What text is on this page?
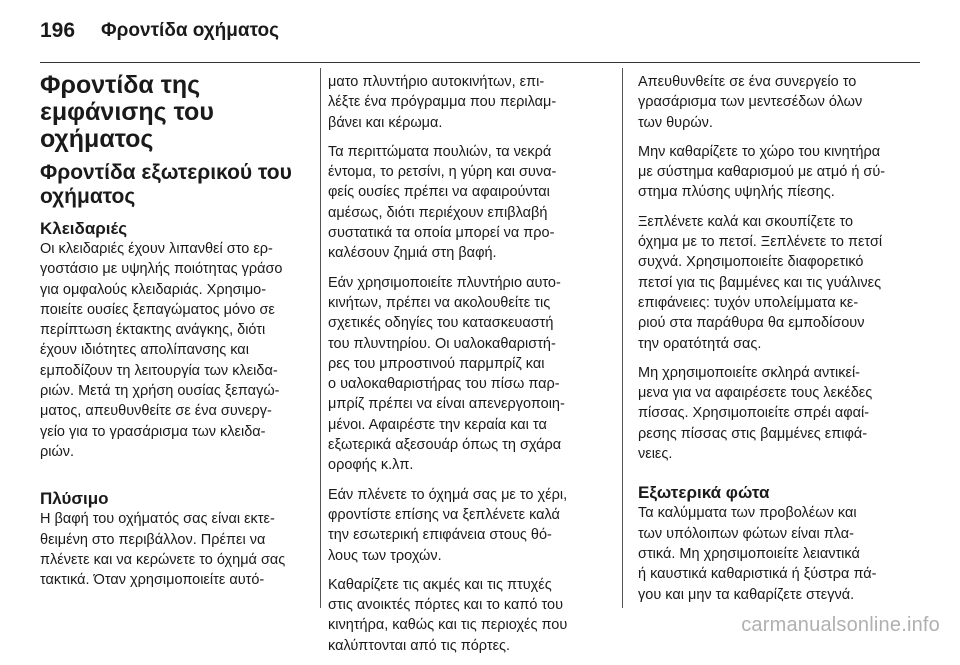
196 Φροντίδα οχήματος
Φροντίδα της
εμφάνισης του
οχήματος
Φροντίδα εξωτερικού του
οχήματος
Κλειδαριές
Οι κλειδαριές έχουν λιπανθεί στο ερ-
γοστάσιο με υψηλής ποιότητας γράσο
για ομφαλούς κλειδαριάς. Χρησιμο-
ποιείτε ουσίες ξεπαγώματος μόνο σε
περίπτωση έκτακτης ανάγκης, διότι
έχουν ιδιότητες απολίπανσης και
εμποδίζουν τη λειτουργία των κλειδα-
ριών. Μετά τη χρήση ουσίας ξεπαγώ-
ματος, απευθυνθείτε σε ένα συνεργ-
γείο για το γρασάρισμα των κλειδα-
ριών.
Πλύσιμο
Η βαφή του οχήματός σας είναι εκτε-
θειμένη στο περιβάλλον. Πρέπει να
πλένετε και να κερώνετε το όχημά σας
τακτικά. Όταν χρησιμοποιείτε αυτό-
ματο πλυντήριο αυτοκινήτων, επι-
λέξτε ένα πρόγραμμα που περιλαμ-
βάνει και κέρωμα.
Τα περιττώματα πουλιών, τα νεκρά
έντομα, το ρετσίνι, η γύρη και συνα-
φείς ουσίες πρέπει να αφαιρούνται
αμέσως, διότι περιέχουν επιβλαβή
συστατικά τα οποία μπορεί να προ-
καλέσουν ζημιά στη βαφή.
Εάν χρησιμοποιείτε πλυντήριο αυτο-
κινήτων, πρέπει να ακολουθείτε τις
σχετικές οδηγίες του κατασκευαστή
του πλυντηρίου. Οι υαλοκαθαριστή-
ρες του μπροστινού παρμπρίζ και
ο υαλοκαθαριστήρας του πίσω παρ-
μπρίζ πρέπει να είναι απενεργοποιη-
μένοι. Αφαιρέστε την κεραία και τα
εξωτερικά αξεσουάρ όπως τη σχάρα
οροφής κ.λπ.
Εάν πλένετε το όχημά σας με το χέρι,
φροντίστε επίσης να ξεπλένετε καλά
την εσωτερική επιφάνεια στους θό-
λους των τροχών.
Καθαρίζετε τις ακμές και τις πτυχές
στις ανοικτές πόρτες και το καπό του
κινητήρα, καθώς και τις περιοχές που
καλύπτονται από τις πόρτες.
Απευθυνθείτε σε ένα συνεργείο το
γρασάρισμα των μεντεσέδων όλων
των θυρών.
Μην καθαρίζετε το χώρο του κινητήρα
με σύστημα καθαρισμού με ατμό ή σύ-
στημα πλύσης υψηλής πίεσης.
Ξεπλένετε καλά και σκουπίζετε το
όχημα με το πετσί. Ξεπλένετε το πετσί
συχνά. Χρησιμοποιείτε διαφορετικό
πετσί για τις βαμμένες και τις γυάλινες
επιφάνειες: τυχόν υπολείμματα κε-
ριού στα παράθυρα θα εμποδίσουν
την ορατότητά σας.
Μη χρησιμοποιείτε σκληρά αντικεί-
μενα για να αφαιρέσετε τους λεκέδες
πίσσας. Χρησιμοποιείτε σπρέι αφαί-
ρεσης πίσσας στις βαμμένες επιφά-
νειες.
Εξωτερικά φώτα
Τα καλύμματα των προβολέων και
των υπόλοιπων φώτων είναι πλα-
στικά. Μη χρησιμοποιείτε λειαντικά
ή καυστικά καθαριστικά ή ξύστρα πά-
γου και μην τα καθαρίζετε στεγνά.
carmanualsonline.info
